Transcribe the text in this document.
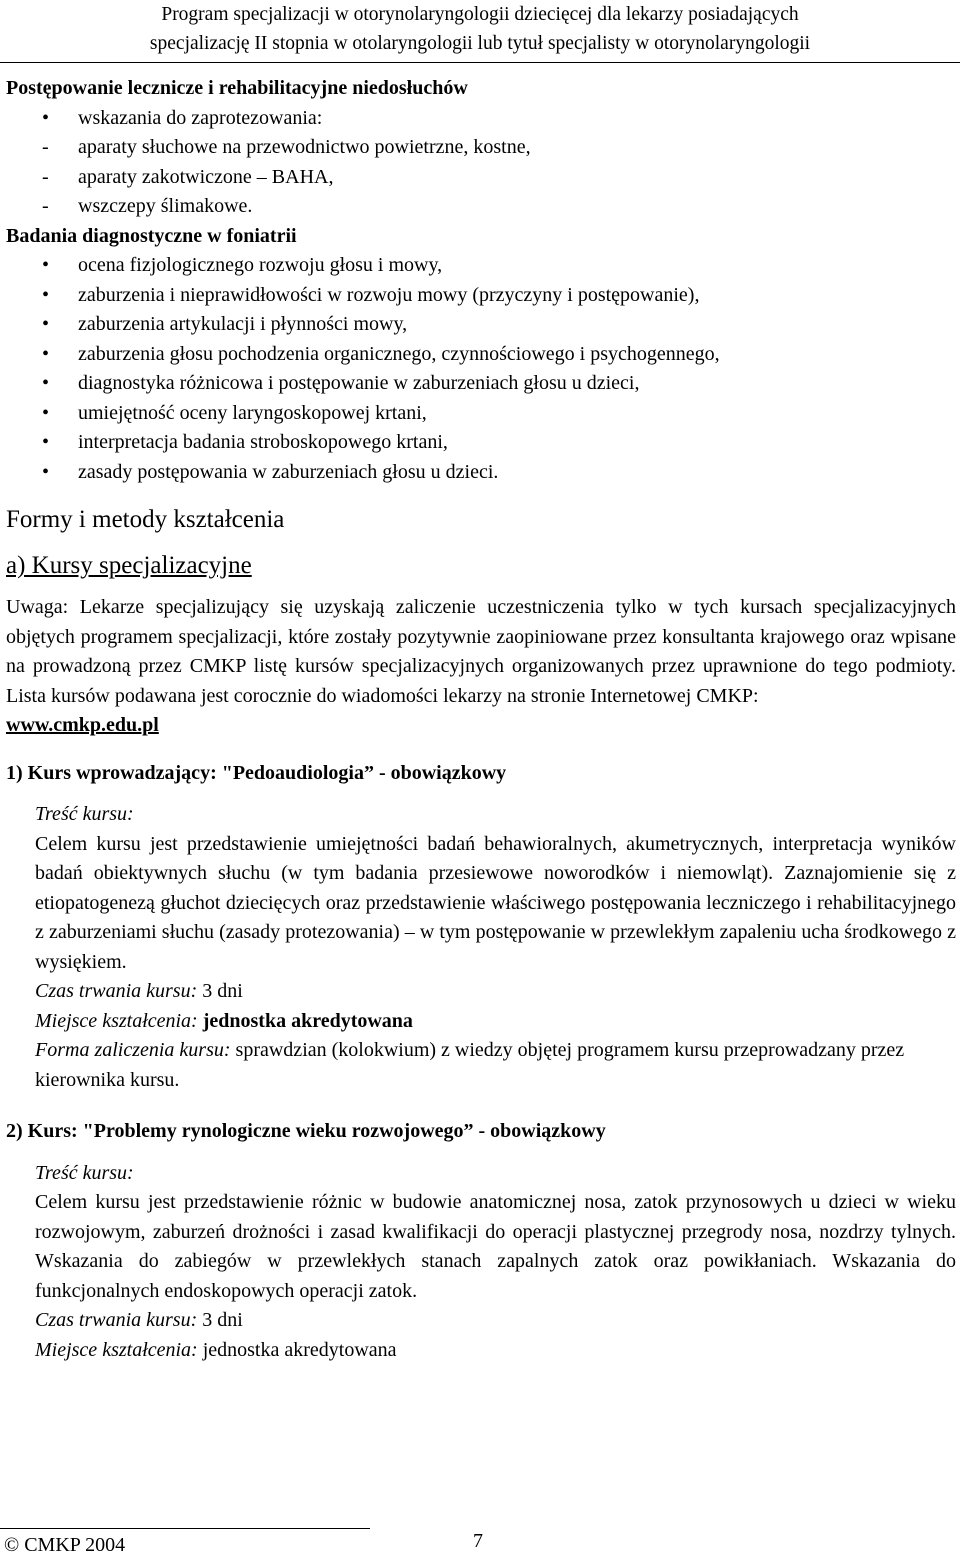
Program specjalizacji w otorynolaryngologii dziecięcej dla lekarzy posiadających
specjalizację II stopnia w otolaryngologii lub tytuł specjalisty w otorynolaryngologii
Postępowanie lecznicze i rehabilitacyjne niedosłuchów
• wskazania do zaprotezowania:
- aparaty słuchowe na przewodnictwo powietrzne, kostne,
- aparaty zakotwiczone – BAHA,
- wszczepy ślimakowe.
Badania diagnostyczne w foniatrii
• ocena fizjologicznego rozwoju głosu i mowy,
• zaburzenia i nieprawidłowości w rozwoju mowy (przyczyny i postępowanie),
• zaburzenia artykulacji i płynności mowy,
• zaburzenia głosu pochodzenia organicznego, czynnościowego i psychogennego,
• diagnostyka różnicowa i postępowanie w zaburzeniach głosu u dzieci,
• umiejętność oceny laryngoskopowej krtani,
• interpretacja badania stroboskopowego krtani,
• zasady postępowania w zaburzeniach głosu u dzieci.
Formy i metody kształcenia
a) Kursy specjalizacyjne
Uwaga: Lekarze specjalizujący się uzyskają zaliczenie uczestniczenia tylko w tych kursach specjalizacyjnych objętych programem specjalizacji, które zostały pozytywnie zaopiniowane przez konsultanta krajowego oraz wpisane na prowadzoną przez CMKP listę kursów specjalizacyjnych organizowanych przez uprawnione do tego podmioty. Lista kursów podawana jest corocznie do wiadomości lekarzy na stronie Internetowej CMKP:
www.cmkp.edu.pl
1) Kurs wprowadzający: "Pedoaudiologia” - obowiązkowy
Treść kursu:
Celem kursu jest przedstawienie umiejętności badań behawioralnych, akumetrycznych, interpretacja wyników badań obiektywnych słuchu (w tym badania przesiewowe noworodków i niemowląt). Zaznajomienie się z etiopatogenezą głuchot dziecięcych oraz przedstawienie właściwego postępowania leczniczego i rehabilitacyjnego z zaburzeniami słuchu (zasady protezowania) – w tym postępowanie w przewlekłym zapaleniu ucha środkowego z wysiękiem.
Czas trwania kursu: 3 dni
Miejsce kształcenia: jednostka akredytowana
Forma zaliczenia kursu: sprawdzian (kolokwium) z wiedzy objętej programem kursu przeprowadzany przez kierownika kursu.
2) Kurs: "Problemy rynologiczne wieku rozwojowego” - obowiązkowy
Treść kursu:
Celem kursu jest przedstawienie różnic w budowie anatomicznej nosa, zatok przynosowych u dzieci w wieku rozwojowym, zaburzeń drożności i zasad kwalifikacji do operacji plastycznej przegrody nosa, nozdrzy tylnych. Wskazania do zabiegów w przewlekłych stanach zapalnych zatok oraz powikłaniach. Wskazania do funkcjonalnych endoskopowych operacji zatok.
Czas trwania kursu: 3 dni
Miejsce kształcenia: jednostka akredytowana
© CMKP 2004	7
